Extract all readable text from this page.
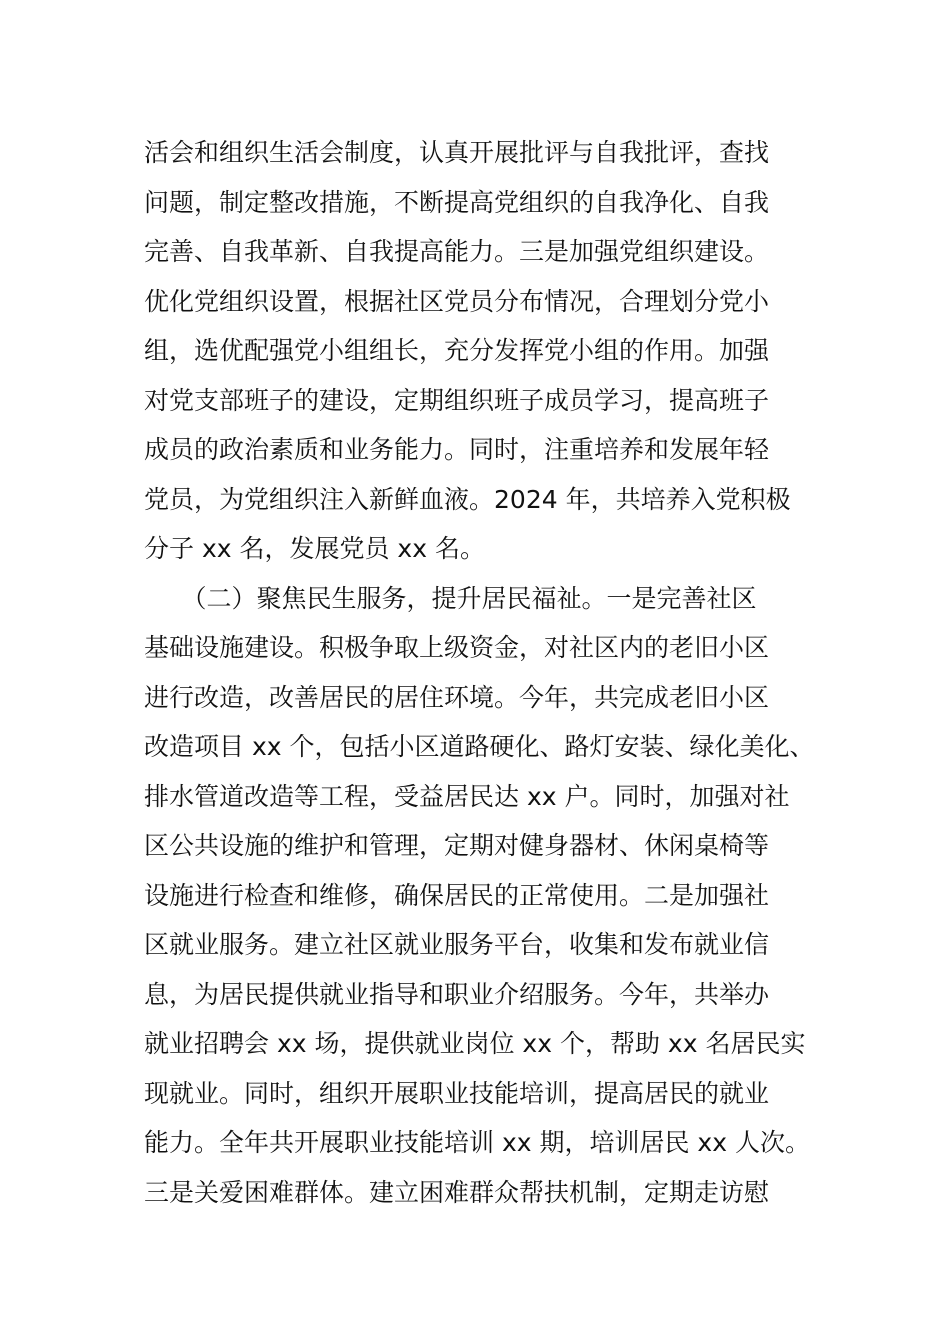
活会和组织生活会制度，认真开展批评与自我批评，查找
问题，制定整改措施，不断提高党组织的自我净化、自我
完善、自我革新、自我提高能力。三是加强党组织建设。
优化党组织设置，根据社区党员分布情况，合理划分党小
组，选优配强党小组组长，充分发挥党小组的作用。加强
对党支部班子的建设，定期组织班子成员学习，提高班子
成员的政治素质和业务能力。同时，注重培养和发展年轻
党员，为党组织注入新鲜血液。2024 年，共培养入党积极
分子 xx 名，发展党员 xx 名。
　　（二）聚焦民生服务，提升居民福祉。一是完善社区
基础设施建设。积极争取上级资金，对社区内的老旧小区
进行改造，改善居民的居住环境。今年，共完成老旧小区
改造项目 xx 个，包括小区道路硬化、路灯安装、绿化美化、
排水管道改造等工程，受益居民达 xx 户。同时，加强对社
区公共设施的维护和管理，定期对健身器材、休闲桌椅等
设施进行检查和维修，确保居民的正常使用。二是加强社
区就业服务。建立社区就业服务平台，收集和发布就业信
息，为居民提供就业指导和职业介绍服务。今年，共举办
就业招聘会 xx 场，提供就业岗位 xx 个，帮助 xx 名居民实
现就业。同时，组织开展职业技能培训，提高居民的就业
能力。全年共开展职业技能培训 xx 期，培训居民 xx 人次。
三是关爱困难群体。建立困难群众帮扶机制，定期走访慰
